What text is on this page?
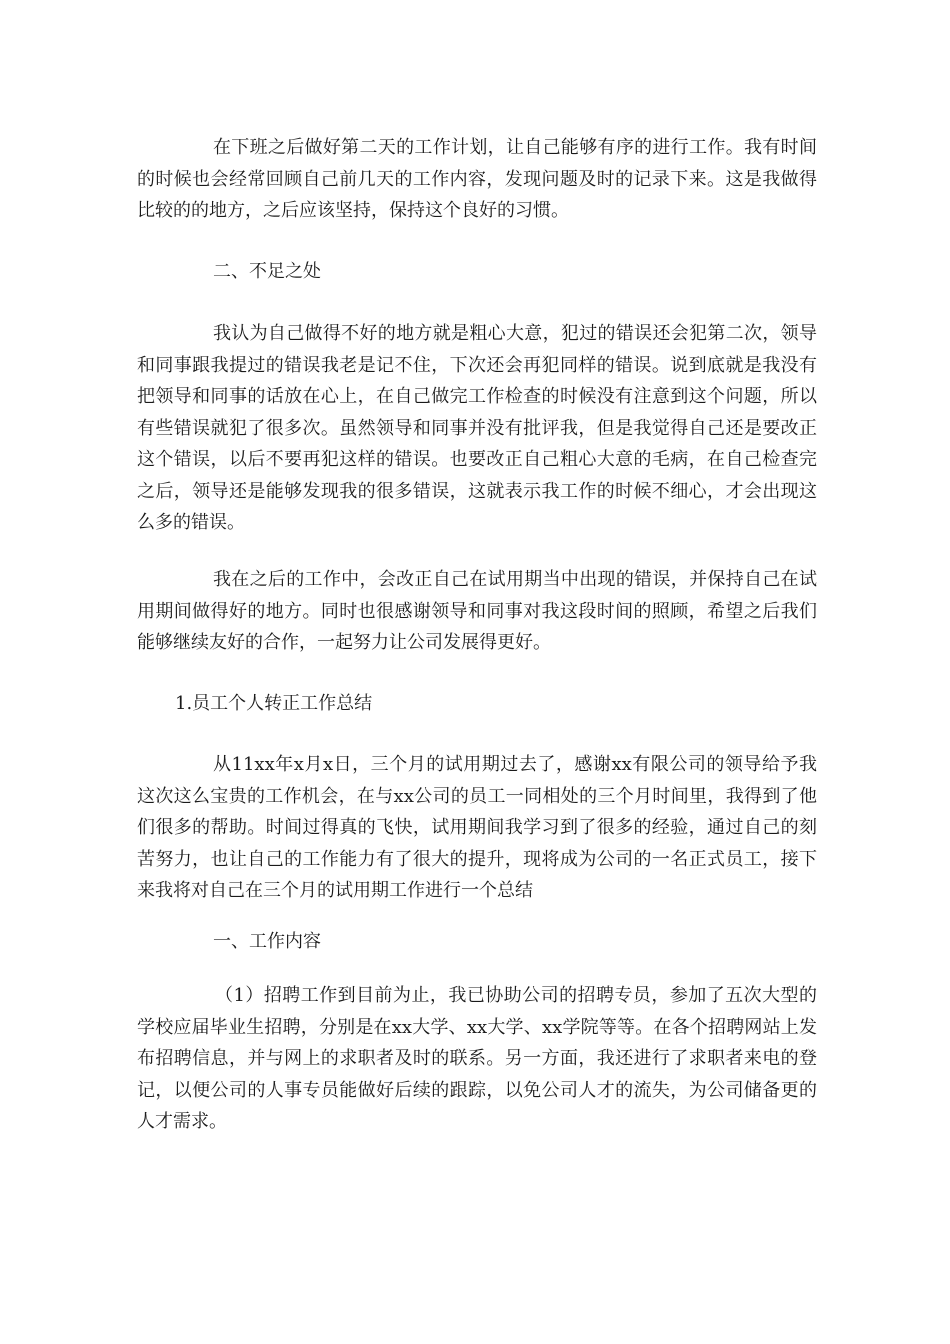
在下班之后做好第二天的工作计划，让自己能够有序的进行工作。我有时间的时候也会经常回顾自己前几天的工作内容，发现问题及时的记录下来。这是我做得比较的的地方，之后应该坚持，保持这个良好的习惯。

二、不足之处

我认为自己做得不好的地方就是粗心大意，犯过的错误还会犯第二次，领导和同事跟我提过的错误我老是记不住，下次还会再犯同样的错误。说到底就是我没有把领导和同事的话放在心上，在自己做完工作检查的时候没有注意到这个问题，所以有些错误就犯了很多次。虽然领导和同事并没有批评我，但是我觉得自己还是要改正这个错误，以后不要再犯这样的错误。也要改正自己粗心大意的毛病，在自己检查完之后，领导还是能够发现我的很多错误，这就表示我工作的时候不细心，才会出现这么多的错误。

我在之后的工作中，会改正自己在试用期当中出现的错误，并保持自己在试用期间做得好的地方。同时也很感谢领导和同事对我这段时间的照顾，希望之后我们能够继续友好的合作，一起努力让公司发展得更好。

1.员工个人转正工作总结

从11xx年x月x日，三个月的试用期过去了，感谢xx有限公司的领导给予我这次这么宝贵的工作机会，在与xx公司的员工一同相处的三个月时间里，我得到了他们很多的帮助。时间过得真的飞快，试用期间我学习到了很多的经验，通过自己的刻苦努力，也让自己的工作能力有了很大的提升，现将成为公司的一名正式员工，接下来我将对自己在三个月的试用期工作进行一个总结

一、工作内容

（1）招聘工作到目前为止，我已协助公司的招聘专员，参加了五次大型的学校应届毕业生招聘，分别是在xx大学、xx大学、xx学院等等。在各个招聘网站上发布招聘信息，并与网上的求职者及时的联系。另一方面，我还进行了求职者来电的登记，以便公司的人事专员能做好后续的跟踪，以免公司人才的流失，为公司储备更的人才需求。
